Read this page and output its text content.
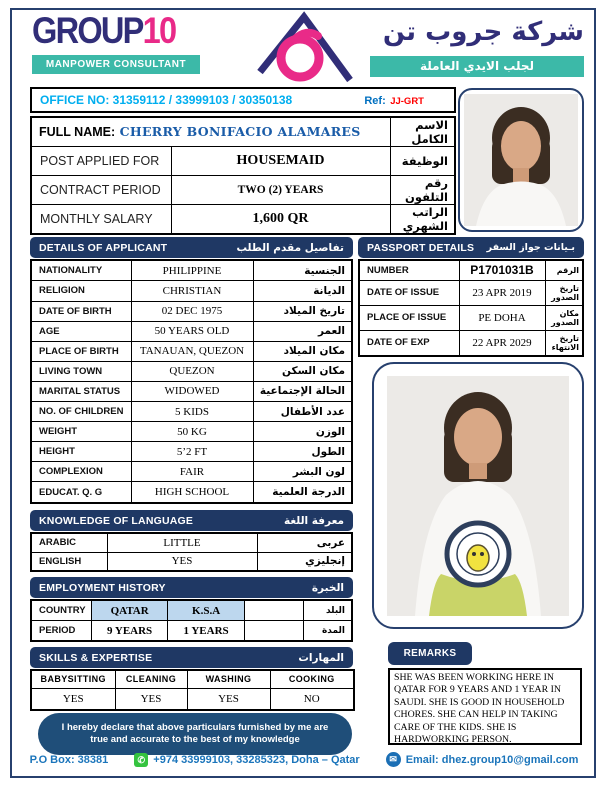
GROUP10
MANPOWER CONSULTANT
شركة جروب تن
لجلب الايدي العاملة
OFFICE NO: 31359112 / 33999103 / 30350138	Ref: JJ-GRT
FULL NAME: CHERRY BONIFACIO ALAMARES		الاسم الكامل
POST APPLIED FOR	HOUSEMAID	الوظيفة
CONTRACT PERIOD	TWO (2) YEARS	رقم التلفون
MONTHLY SALARY	1,600 QR	الراتب الشهري
DETAILS OF APPLICANT	تفاصيل مقدم الطلب
NATIONALITY	PHILIPPINE	الجنسية
RELIGION	CHRISTIAN	الديانة
DATE OF BIRTH	02 DEC 1975	تاريخ الميلاد
AGE	50 YEARS OLD	العمر
PLACE OF BIRTH	TANAUAN, QUEZON	مكان الميلاد
LIVING TOWN	QUEZON	مكان السكن
MARITAL STATUS	WIDOWED	الحالة الإجتماعية
NO. OF CHILDREN	5 KIDS	عدد الأطفال
WEIGHT	50 KG	الوزن
HEIGHT	5’2 FT	الطول
COMPLEXION	FAIR	لون البشر
EDUCAT. Q. G	HIGH SCHOOL	الدرجة العلمية
PASSPORT DETAILS بـيانات جواز السفر
NUMBER	P1701031B	الرقم
DATE OF ISSUE	23 APR 2019	تاريخ الصدور
PLACE OF ISSUE	PE DOHA	مكان الصدور
DATE OF EXP	22 APR 2029	تاريخ الانتهاء
KNOWLEDGE OF LANGUAGE	معرفة اللغة
ARABIC	LITTLE	عربى
ENGLISH	YES	إنجليزي
EMPLOYMENT HISTORY	الخبرة
COUNTRY	QATAR	K.S.A		البلد
PERIOD	9 YEARS	1 YEARS		المدة
SKILLS & EXPERTISE	المهارات
BABYSITTING	CLEANING	WASHING	COOKING
YES	YES	YES	NO
I hereby declare that above particulars furnished by me are true and accurate to the best of my knowledge
REMARKS
SHE WAS BEEN WORKING HERE IN QATAR FOR 9 YEARS AND 1 YEAR IN SAUDI. SHE IS GOOD IN HOUSEHOLD CHORES. SHE CAN HELP IN TAKING CARE OF THE KIDS. SHE IS HARDWORKING PERSON.
P.O Box: 38381	✆ +974 33999103, 33285323, Doha – Qatar	✉ Email: dhez.group10@gmail.com
